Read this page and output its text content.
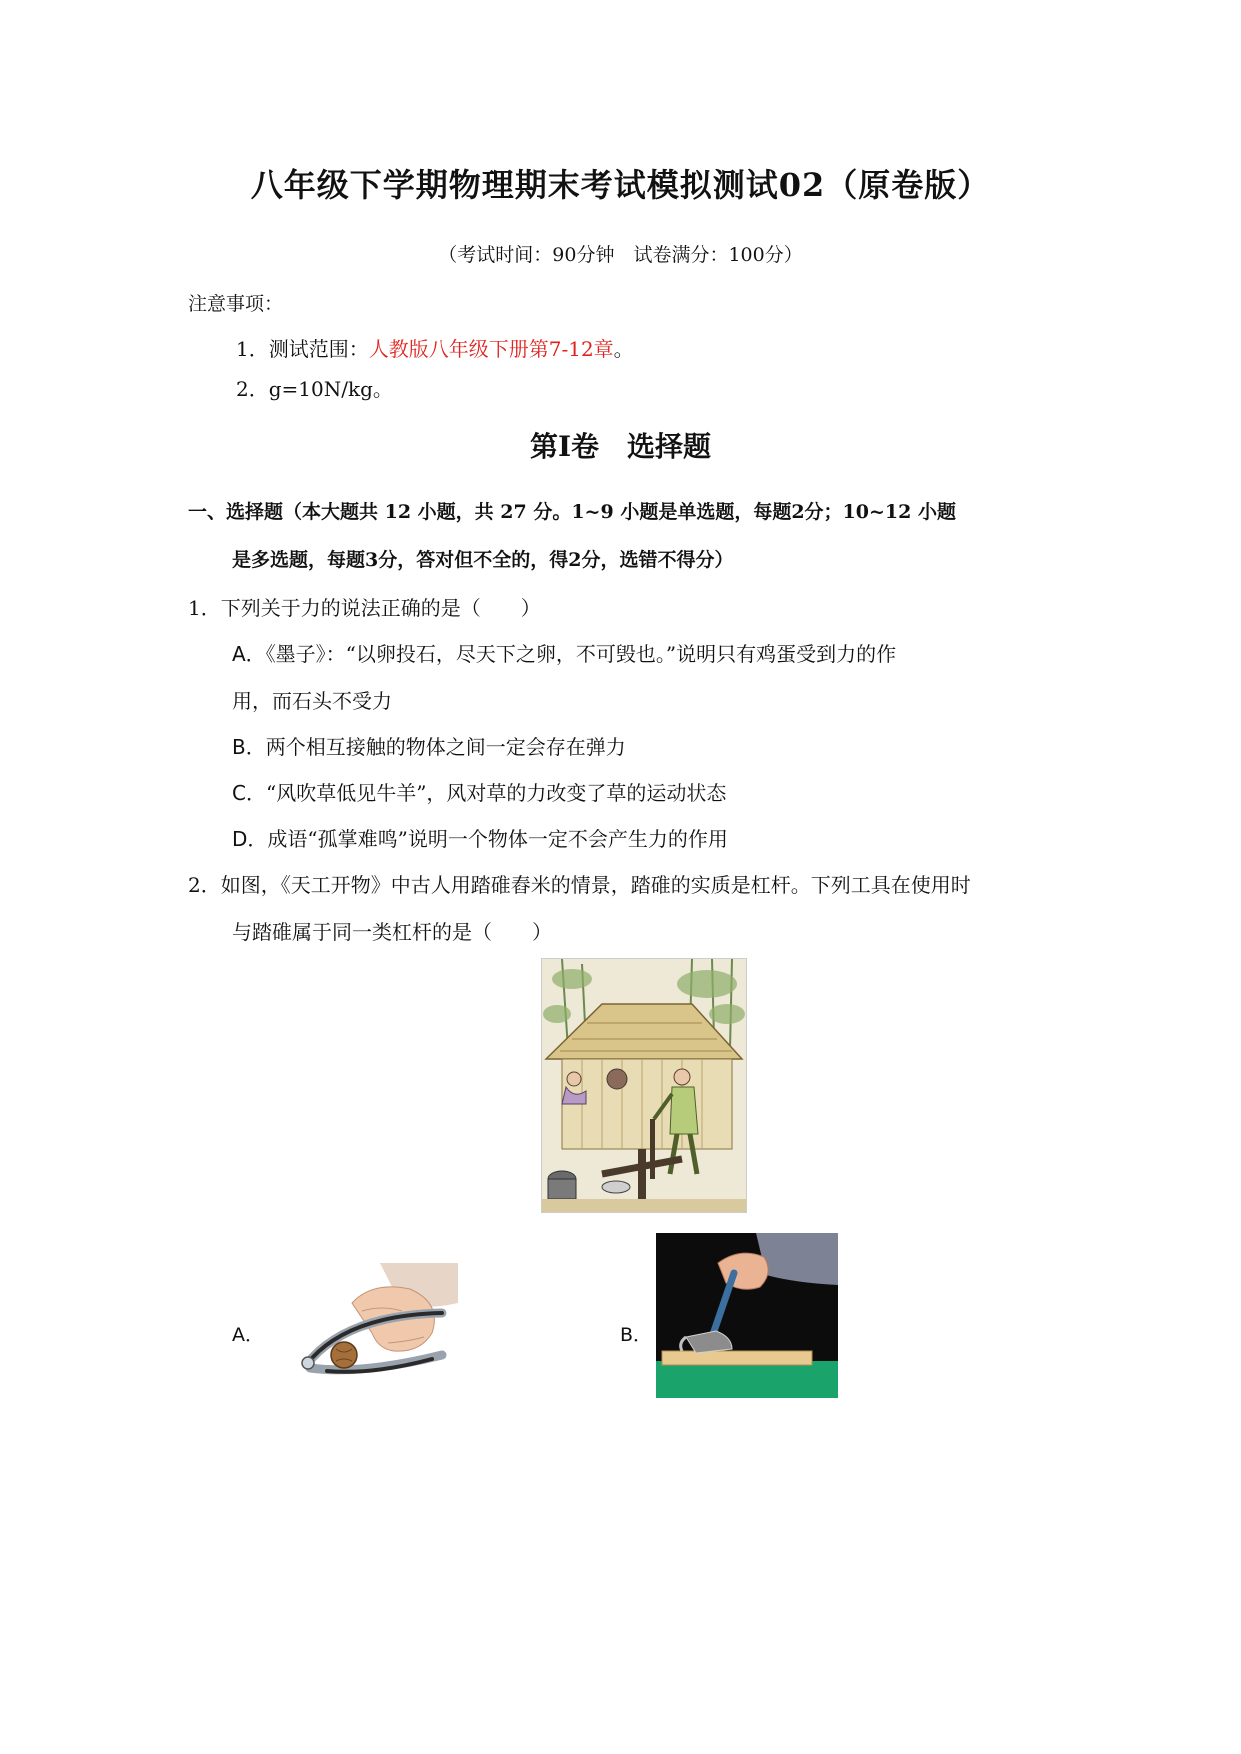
八年级下学期物理期末考试模拟测试02（原卷版）
（考试时间：90分钟　试卷满分：100分）
注意事项：
1．测试范围：人教版八年级下册第7-12章。
2．g=10N/kg。
第Ⅰ卷　选择题
一、选择题（本大题共 12 小题，共 27 分。1~9 小题是单选题，每题2分；10~12 小题
是多选题，每题3分，答对但不全的，得2分，选错不得分）
1．下列关于力的说法正确的是（　　）
A．《墨子》：“以卵投石，尽天下之卵，不可毁也。”说明只有鸡蛋受到力的作
用，而石头不受力
B．两个相互接触的物体之间一定会存在弹力
C．“风吹草低见牛羊”，风对草的力改变了草的运动状态
D．成语“孤掌难鸣”说明一个物体一定不会产生力的作用
2．如图，《天工开物》中古人用踏碓舂米的情景，踏碓的实质是杠杆。下列工具在使用时
与踏碓属于同一类杠杆的是（　　）
A．	B．
